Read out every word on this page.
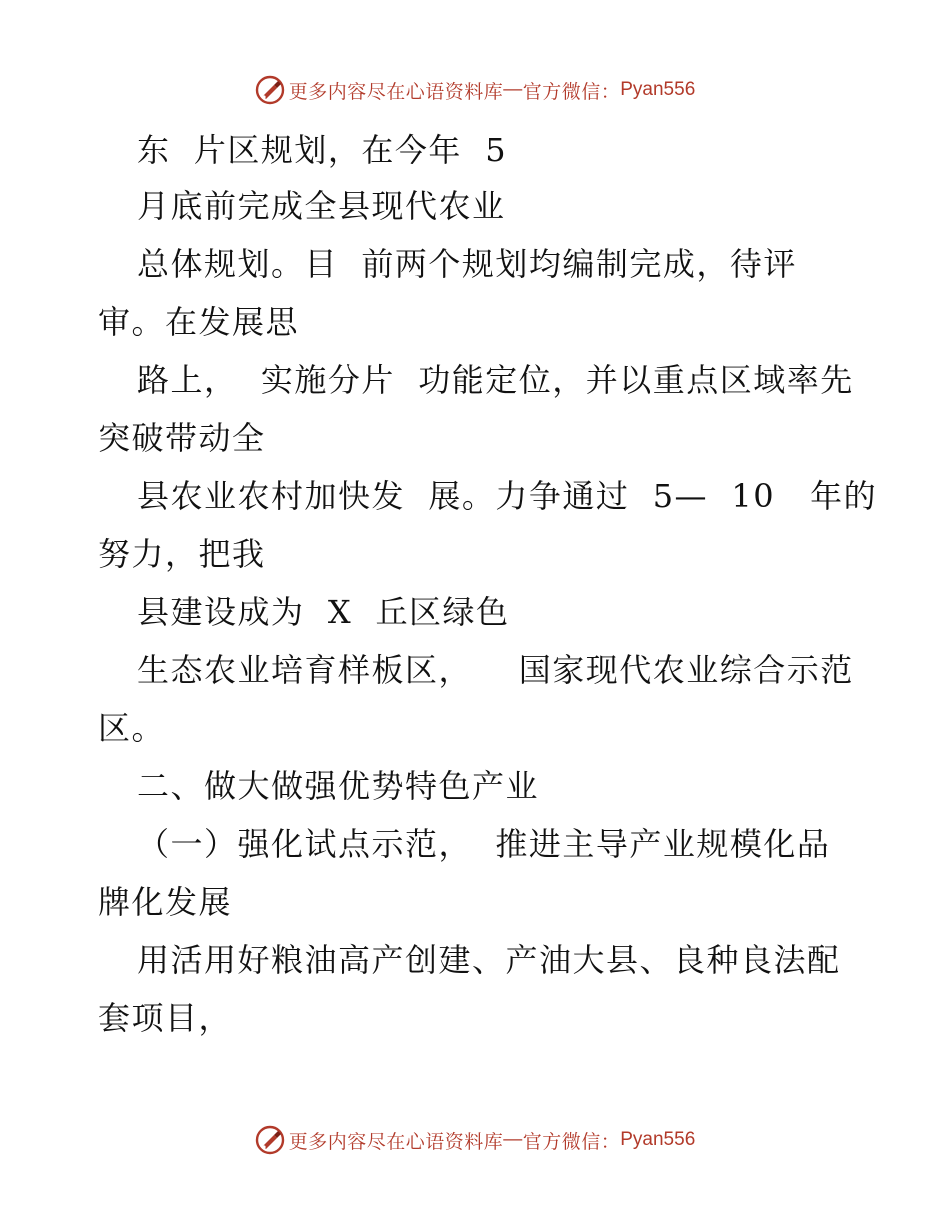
更多内容尽在心语资料库 — 官方微信： Pyan556
东  片区规划，在今年  5
月底前完成全县现代农业
总体规划。目  前两个规划均编制完成，待评
审。在发展思
路上，  实施分片  功能定位，并以重点区域率先
突破带动全
县农业农村加快发  展。力争通过  5—  10   年的
努力，把我
县建设成为  X  丘区绿色
生态农业培育样板区，    国家现代农业综合示范
区。
二、做大做强优势特色产业
（一）强化试点示范，  推进主导产业规模化品
牌化发展
用活用好粮油高产创建、产油大县、良种良法配
套项目，
更多内容尽在心语资料库 — 官方微信： Pyan556
